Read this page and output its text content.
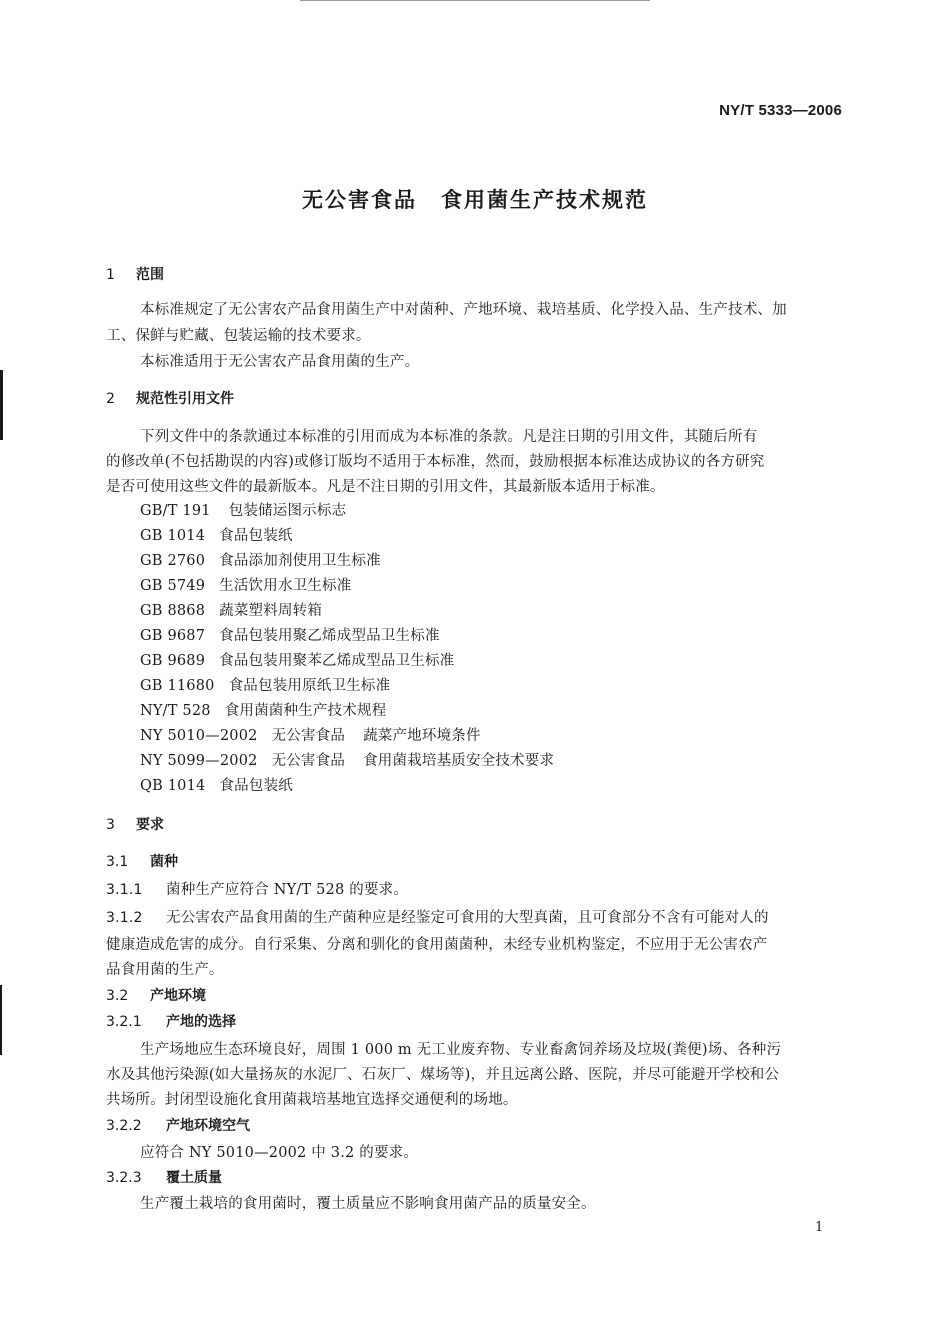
NY/T 5333—2006
无公害食品 食用菌生产技术规范
1 范围
本标准规定了无公害农产品食用菌生产中对菌种、产地环境、栽培基质、化学投入品、生产技术、加
工、保鲜与贮藏、包装运输的技术要求。
本标准适用于无公害农产品食用菌的生产。
2 规范性引用文件
下列文件中的条款通过本标准的引用而成为本标准的条款。凡是注日期的引用文件，其随后所有
的修改单(不包括勘误的内容)或修订版均不适用于本标准，然而，鼓励根据本标准达成协议的各方研究
是否可使用这些文件的最新版本。凡是不注日期的引用文件，其最新版本适用于标准。
GB/T 191 包装储运图示标志
GB 1014 食品包装纸
GB 2760 食品添加剂使用卫生标准
GB 5749 生活饮用水卫生标准
GB 8868 蔬菜塑料周转箱
GB 9687 食品包装用聚乙烯成型品卫生标准
GB 9689 食品包装用聚苯乙烯成型品卫生标准
GB 11680 食品包装用原纸卫生标准
NY/T 528 食用菌菌种生产技术规程
NY 5010—2002 无公害食品 蔬菜产地环境条件
NY 5099—2002 无公害食品 食用菌栽培基质安全技术要求
QB 1014 食品包装纸
3 要求
3.1 菌种
3.1.1 菌种生产应符合 NY/T 528 的要求。
3.1.2 无公害农产品食用菌的生产菌种应是经鉴定可食用的大型真菌，且可食部分不含有可能对人的
健康造成危害的成分。自行采集、分离和驯化的食用菌菌种，未经专业机构鉴定，不应用于无公害农产
品食用菌的生产。
3.2 产地环境
3.2.1 产地的选择
生产场地应生态环境良好，周围 1 000 m 无工业废弃物、专业畜禽饲养场及垃圾(粪便)场、各种污
水及其他污染源(如大量扬灰的水泥厂、石灰厂、煤场等)，并且远离公路、医院，并尽可能避开学校和公
共场所。封闭型设施化食用菌栽培基地宜选择交通便利的场地。
3.2.2 产地环境空气
应符合 NY 5010—2002 中 3.2 的要求。
3.2.3 覆土质量
生产覆土栽培的食用菌时，覆土质量应不影响食用菌产品的质量安全。
1
